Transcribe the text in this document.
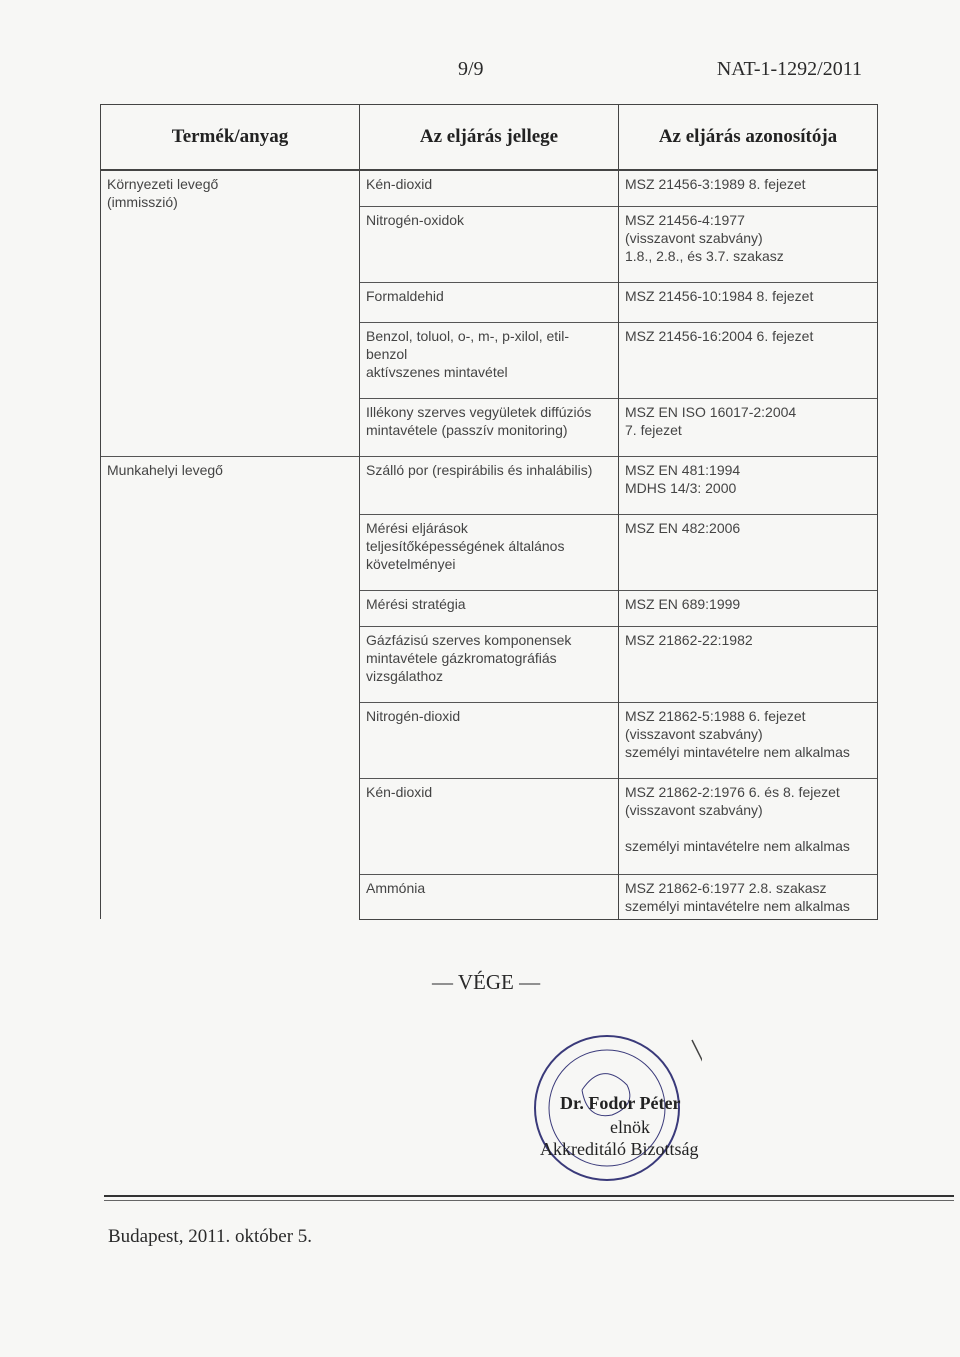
9/9	NAT-1-1292/2011
Termék/anyag	Az eljárás jellege	Az eljárás azonosítója

Környezeti levegő
(immisszió)	Kén-dioxid	MSZ 21456-3:1989 8. fejezet

	Nitrogén-oxidok	MSZ 21456-4:1977
(visszavont szabvány)
1.8., 2.8., és 3.7. szakasz

	Formaldehid	MSZ 21456-10:1984 8. fejezet

	Benzol, toluol, o-, m-, p-xilol, etil-
benzol
aktívszenes mintavétel	MSZ 21456-16:2004 6. fejezet

	Illékony szerves vegyületek diffúziós
mintavétele (passzív monitoring)	MSZ EN ISO 16017-2:2004
7. fejezet

Munkahelyi levegő	Szálló por (respirábilis és inhalábilis)	MSZ EN 481:1994
MDHS 14/3: 2000

	Mérési eljárások
teljesítőképességének általános
követelményei	MSZ EN 482:2006

	Mérési stratégia	MSZ EN 689:1999

	Gázfázisú szerves komponensek
mintavétele gázkromatográfiás
vizsgálathoz	MSZ 21862-22:1982

	Nitrogén-dioxid	MSZ 21862-5:1988 6. fejezet
(visszavont szabvány)
személyi mintavételre nem alkalmas

	Kén-dioxid	MSZ 21862-2:1976 6. és 8. fejezet
(visszavont szabvány)

személyi mintavételre nem alkalmas

	Ammónia	MSZ 21862-6:1977 2.8. szakasz
személyi mintavételre nem alkalmas
— VÉGE —
Dr. Fodor Péter
elnök
Akkreditáló Bizottság
Budapest, 2011. október 5.
